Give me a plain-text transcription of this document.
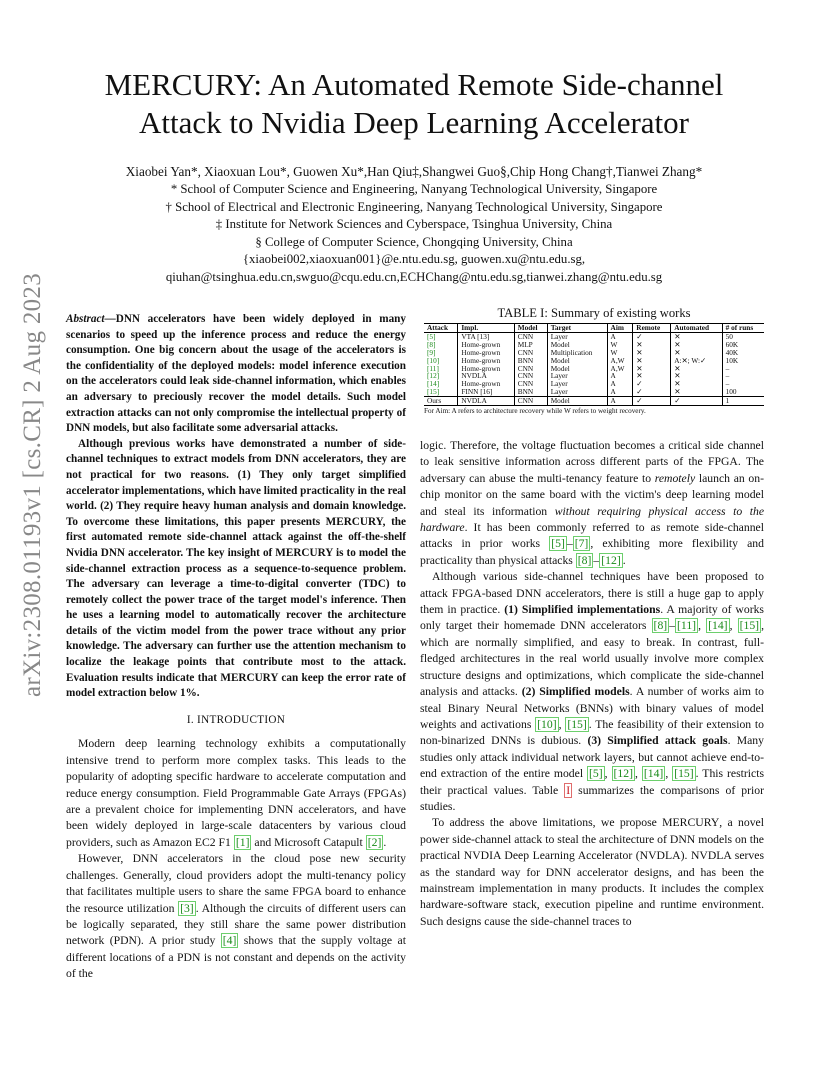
arXiv:2308.01193v1 [cs.CR] 2 Aug 2023
MERCURY: An Automated Remote Side-channel
Attack to Nvidia Deep Learning Accelerator

Xiaobei Yan*, Xiaoxuan Lou*, Guowen Xu*,Han Qiu‡,Shangwei Guo§,Chip Hong Chang†,Tianwei Zhang*

* School of Computer Science and Engineering, Nanyang Technological University, Singapore
† School of Electrical and Electronic Engineering, Nanyang Technological University, Singapore
‡ Institute for Network Sciences and Cyberspace, Tsinghua University, China
§ College of Computer Science, Chongqing University, China
{xiaobei002,xiaoxuan001}@e.ntu.edu.sg, guowen.xu@ntu.edu.sg,
qiuhan@tsinghua.edu.cn,swguo@cqu.edu.cn,ECHChang@ntu.edu.sg,tianwei.zhang@ntu.edu.sg

Abstract—DNN accelerators have been widely deployed in many scenarios to speed up the inference process and reduce the energy consumption. One big concern about the usage of the accelerators is the confidentiality of the deployed models: model inference execution on the accelerators could leak side-channel information, which enables an adversary to preciously recover the model details. Such model extraction attacks can not only compromise the intellectual property of DNN models, but also facilitate some adversarial attacks.

Although previous works have demonstrated a number of side-channel techniques to extract models from DNN accelerators, they are not practical for two reasons. (1) They only target simplified accelerator implementations, which have limited practicality in the real world. (2) They require heavy human analysis and domain knowledge. To overcome these limitations, this paper presents MERCURY, the first automated remote side-channel attack against the off-the-shelf Nvidia DNN accelerator. The key insight of MERCURY is to model the side-channel extraction process as a sequence-to-sequence problem. The adversary can leverage a time-to-digital converter (TDC) to remotely collect the power trace of the target model's inference. Then he uses a learning model to automatically recover the architecture details of the victim model from the power trace without any prior knowledge. The adversary can further use the attention mechanism to localize the leakage points that contribute most to the attack. Evaluation results indicate that MERCURY can keep the error rate of model extraction below 1%.

I. INTRODUCTION

Modern deep learning technology exhibits a computationally intensive trend to perform more complex tasks. This leads to the popularity of adopting specific hardware to accelerate computation and reduce energy consumption. Field Programmable Gate Arrays (FPGAs) are a prevalent choice for implementing DNN accelerators, and have been widely deployed in large-scale datacenters by various cloud providers, such as Amazon EC2 F1 [1] and Microsoft Catapult [2] .

However, DNN accelerators in the cloud pose new security challenges. Generally, cloud providers adopt the multi-tenancy policy that facilitates multiple users to share the same FPGA board to enhance the resource utilization [3] . Although the circuits of different users can be logically separated, they still share the same power distribution network (PDN). A prior study [4] shows that the supply voltage at different locations of a PDN is not constant and depends on the activity of the

TABLE I: Summary of existing works

Attack	Impl.	Model	Target	Aim	Remote	Automated	# of runs
[5]	VTA [13]	CNN	Layer	A	✓	✕	50
[8]	Home-grown	MLP	Model	W	✕	✕	60K
[9]	Home-grown	CNN	Multiplication	W	✕	✕	40K
[10]	Home-grown	BNN	Model	A,W	✕	A:✕; W:✓	10K
[11]	Home-grown	CNN	Model	A,W	✕	✕	–
[12]	NVDLA	CNN	Layer	A	✕	✕	–
[14]	Home-grown	CNN	Layer	A	✓	✕	–
[15]	FINN [16]	BNN	Layer	A	✓	✕	100
Ours	NVDLA	CNN	Model	A	✓	✓	1
For Aim: A refers to architecture recovery while W refers to weight recovery.

logic. Therefore, the voltage fluctuation becomes a critical side channel to leak sensitive information across different parts of the FPGA. The adversary can abuse the multi-tenancy feature to remotely launch an on-chip monitor on the same board with the victim's deep learning model and steal its information without requiring physical access to the hardware. It has been commonly referred to as remote side-channel attacks in prior works [5] – [7] , exhibiting more flexibility and practicality than physical attacks [8] – [12] .

Although various side-channel techniques have been proposed to attack FPGA-based DNN accelerators, there is still a huge gap to apply them in practice. (1) Simplified implementations. A majority of works only target their homemade DNN accelerators [8] – [11] , [14] , [15] , which are normally simplified, and easy to break. In contrast, full-fledged architectures in the real world usually involve more complex structure designs and optimizations, which complicate the side-channel analysis and attacks. (2) Simplified models. A number of works aim to steal Binary Neural Networks (BNNs) with binary values of model weights and activations [10] , [15] . The feasibility of their extension to non-binarized DNNs is dubious. (3) Simplified attack goals. Many studies only attack individual network layers, but cannot achieve end-to-end extraction of the entire model [5] , [12] , [14] , [15] . This restricts their practical values. Table I summarizes the comparisons of prior studies.

To address the above limitations, we propose MERCURY, a novel power side-channel attack to steal the architecture of DNN models on the practical NVDIA Deep Learning Accelerator (NVDLA). NVDLA serves as the standard way for DNN accelerator designs, and has been the mainstream implementation in many products. It includes the complex hardware-software stack, execution pipeline and runtime environment. Such designs cause the side-channel traces to
